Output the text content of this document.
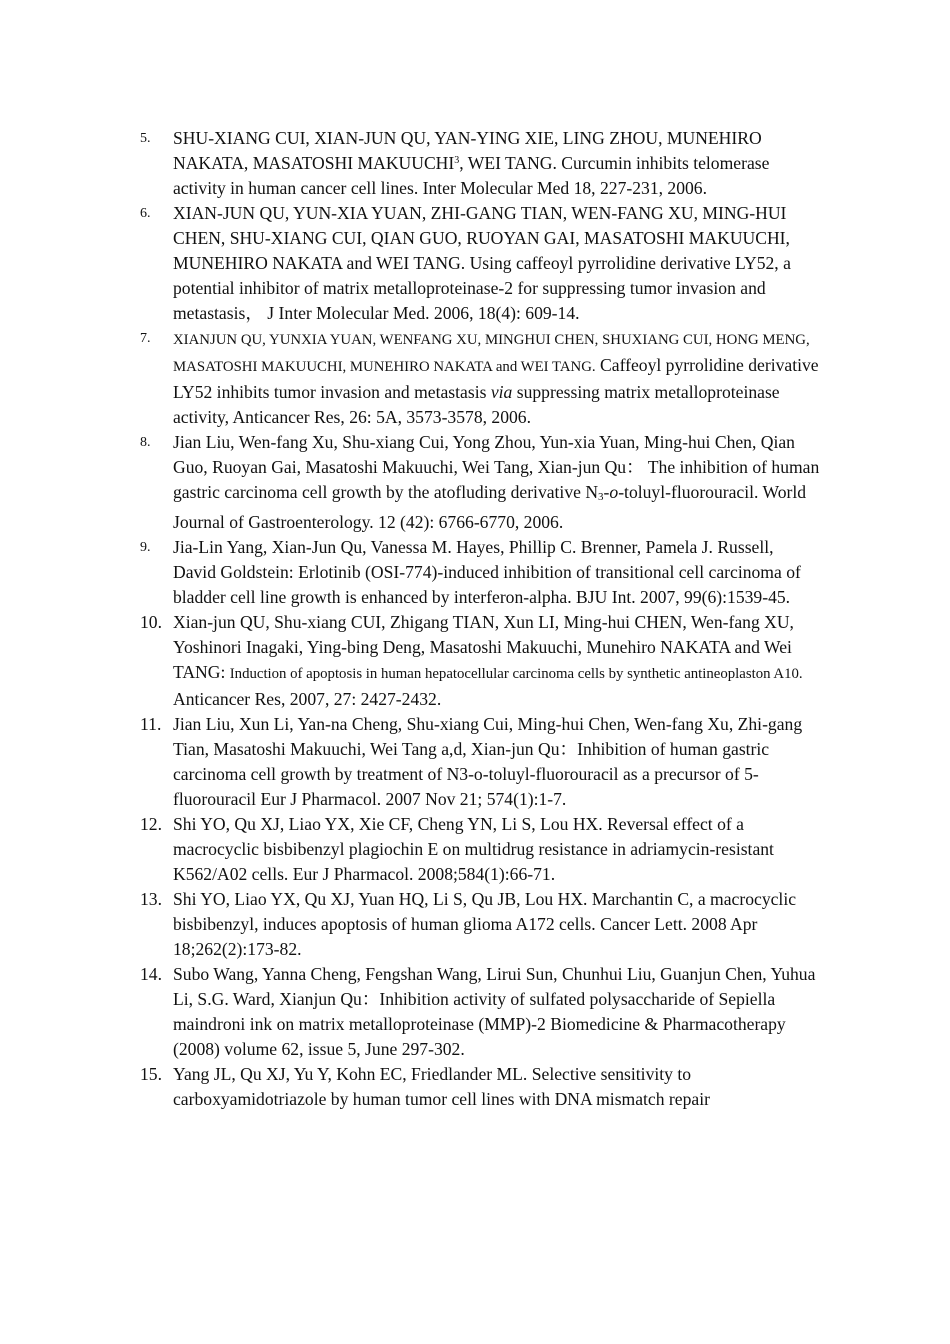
5.	SHU-XIANG CUI, XIAN-JUN QU, YAN-YING XIE, LING ZHOU, MUNEHIRO NAKATA, MASATOSHI MAKUUCHI$^3$, WEI TANG. Curcumin inhibits telomerase activity in human cancer cell lines. Inter Molecular Med 18, 227-231, 2006.
6.	XIAN-JUN QU, YUN-XIA YUAN, ZHI-GANG TIAN, WEN-FANG XU, MING-HUI CHEN, SHU-XIANG CUI, QIAN GUO, RUOYAN GAI, MASATOSHI MAKUUCHI, MUNEHIRO NAKATA and WEI TANG. Using caffeoyl pyrrolidine derivative LY52, a potential inhibitor of matrix metalloproteinase-2 for suppressing tumor invasion and metastasis， J Inter Molecular Med. 2006, 18(4): 609-14.
7.	XIANJUN QU, YUNXIA YUAN, WENFANG XU, MINGHUI CHEN, SHUXIANG CUI, HONG MENG, MASATOSHI MAKUUCHI, MUNEHIRO NAKATA and WEI TANG. Caffeoyl pyrrolidine derivative LY52 inhibits tumor invasion and metastasis via suppressing matrix metalloproteinase activity, Anticancer Res, 26: 5A, 3573-3578, 2006.
8.	Jian Liu, Wen-fang Xu, Shu-xiang Cui, Yong Zhou, Yun-xia Yuan, Ming-hui Chen, Qian Guo, Ruoyan Gai, Masatoshi Makuuchi, Wei Tang, Xian-jun Qu： The inhibition of human gastric carcinoma cell growth by the atofluding derivative N3-o-toluyl-fluorouracil. World Journal of Gastroenterology. 12 (42): 6766-6770, 2006.
9.	Jia-Lin Yang, Xian-Jun Qu, Vanessa M. Hayes, Phillip C. Brenner, Pamela J. Russell, David Goldstein: Erlotinib (OSI-774)-induced inhibition of transitional cell carcinoma of bladder cell line growth is enhanced by interferon-alpha. BJU Int. 2007, 99(6):1539-45.
10. Xian-jun QU, Shu-xiang CUI, Zhigang TIAN, Xun LI, Ming-hui CHEN, Wen-fang XU, Yoshinori Inagaki, Ying-bing Deng, Masatoshi Makuuchi, Munehiro NAKATA and Wei TANG: Induction of apoptosis in human hepatocellular carcinoma cells by synthetic antineoplaston A10. Anticancer Res, 2007, 27: 2427-2432.
11. Jian Liu, Xun Li, Yan-na Cheng, Shu-xiang Cui, Ming-hui Chen, Wen-fang Xu, Zhi-gang Tian, Masatoshi Makuuchi, Wei Tang a,d, Xian-jun Qu：Inhibition of human gastric carcinoma cell growth by treatment of N3-o-toluyl-fluorouracil as a precursor of 5-fluorouracil Eur J Pharmacol. 2007 Nov 21; 574(1):1-7.
12. Shi YO, Qu XJ, Liao YX, Xie CF, Cheng YN, Li S, Lou HX. Reversal effect of a macrocyclic bisbibenzyl plagiochin E on multidrug resistance in adriamycin-resistant K562/A02 cells. Eur J Pharmacol. 2008;584(1):66-71.
13. Shi YO, Liao YX, Qu XJ, Yuan HQ, Li S, Qu JB, Lou HX. Marchantin C, a macrocyclic bisbibenzyl, induces apoptosis of human glioma A172 cells. Cancer Lett. 2008 Apr 18;262(2):173-82.
14. Subo Wang, Yanna Cheng, Fengshan Wang, Lirui Sun, Chunhui Liu, Guanjun Chen, Yuhua Li, S.G. Ward, Xianjun Qu：Inhibition activity of sulfated polysaccharide of Sepiella maindroni ink on matrix metalloproteinase (MMP)-2 Biomedicine & Pharmacotherapy (2008) volume 62, issue 5, June 297-302.
15. Yang JL, Qu XJ, Yu Y, Kohn EC, Friedlander ML. Selective sensitivity to carboxyamidotriazole by human tumor cell lines with DNA mismatch repair
